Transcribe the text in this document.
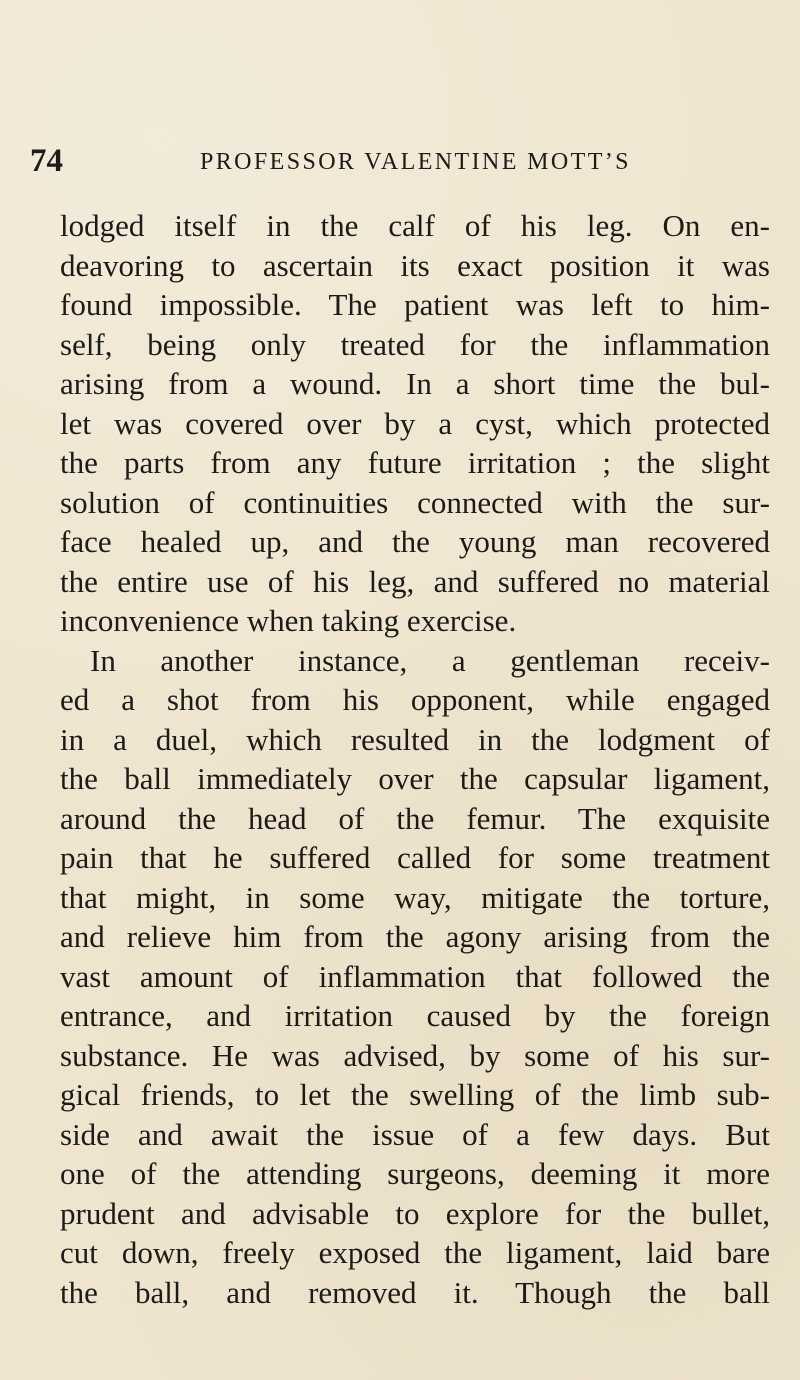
74	PROFESSOR VALENTINE MOTT’S
lodged itself in the calf of his leg. On en-
deavoring to ascertain its exact position it was
found impossible. The patient was left to him-
self, being only treated for the inflammation
arising from a wound. In a short time the bul-
let was covered over by a cyst, which protected
the parts from any future irritation ; the slight
solution of continuities connected with the sur-
face healed up, and the young man recovered
the entire use of his leg, and suffered no material
inconvenience when taking exercise.
In another instance, a gentleman receiv-
ed a shot from his opponent, while engaged
in a duel, which resulted in the lodgment of
the ball immediately over the capsular ligament,
around the head of the femur. The exquisite
pain that he suffered called for some treatment
that might, in some way, mitigate the torture,
and relieve him from the agony arising from the
vast amount of inflammation that followed the
entrance, and irritation caused by the foreign
substance. He was advised, by some of his sur-
gical friends, to let the swelling of the limb sub-
side and await the issue of a few days. But
one of the attending surgeons, deeming it more
prudent and advisable to explore for the bullet,
cut down, freely exposed the ligament, laid bare
the ball, and removed it. Though the ball
